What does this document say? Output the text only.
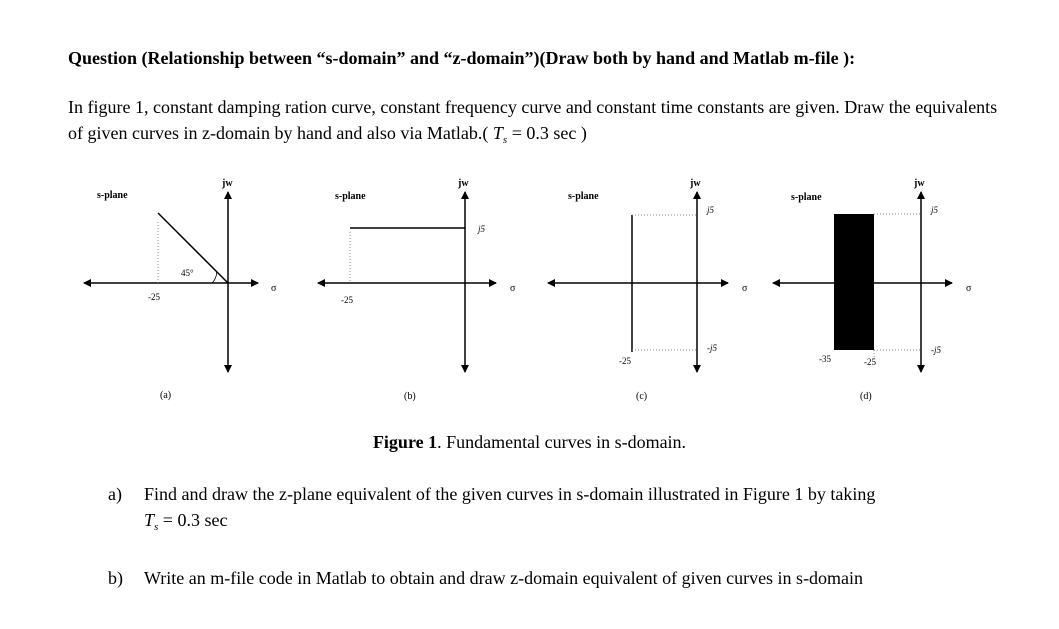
Question (Relationship between “s-domain” and “z-domain”)(Draw both by hand and Matlab m-file ):
In figure 1, constant damping ration curve, constant frequency curve and constant time constants are given. Draw the equivalents of given curves in z-domain by hand and also via Matlab.( $T_s = 0.3$ sec )
s-plane
jw
σ
-25
45°
(a)
s-plane
jw
σ
-25
j5
(b)
s-plane
jw
σ
j5
-j5
-25
(c)
s-plane
jw
σ
j5
-j5
-35	-25
(d)
Figure 1. Fundamental curves in s-domain.
a) Find and draw the z-plane equivalent of the given curves in s-domain illustrated in Figure 1 by taking
$T_s = 0.3$ sec
b) Write an m-file code in Matlab to obtain and draw z-domain equivalent of given curves in s-domain
